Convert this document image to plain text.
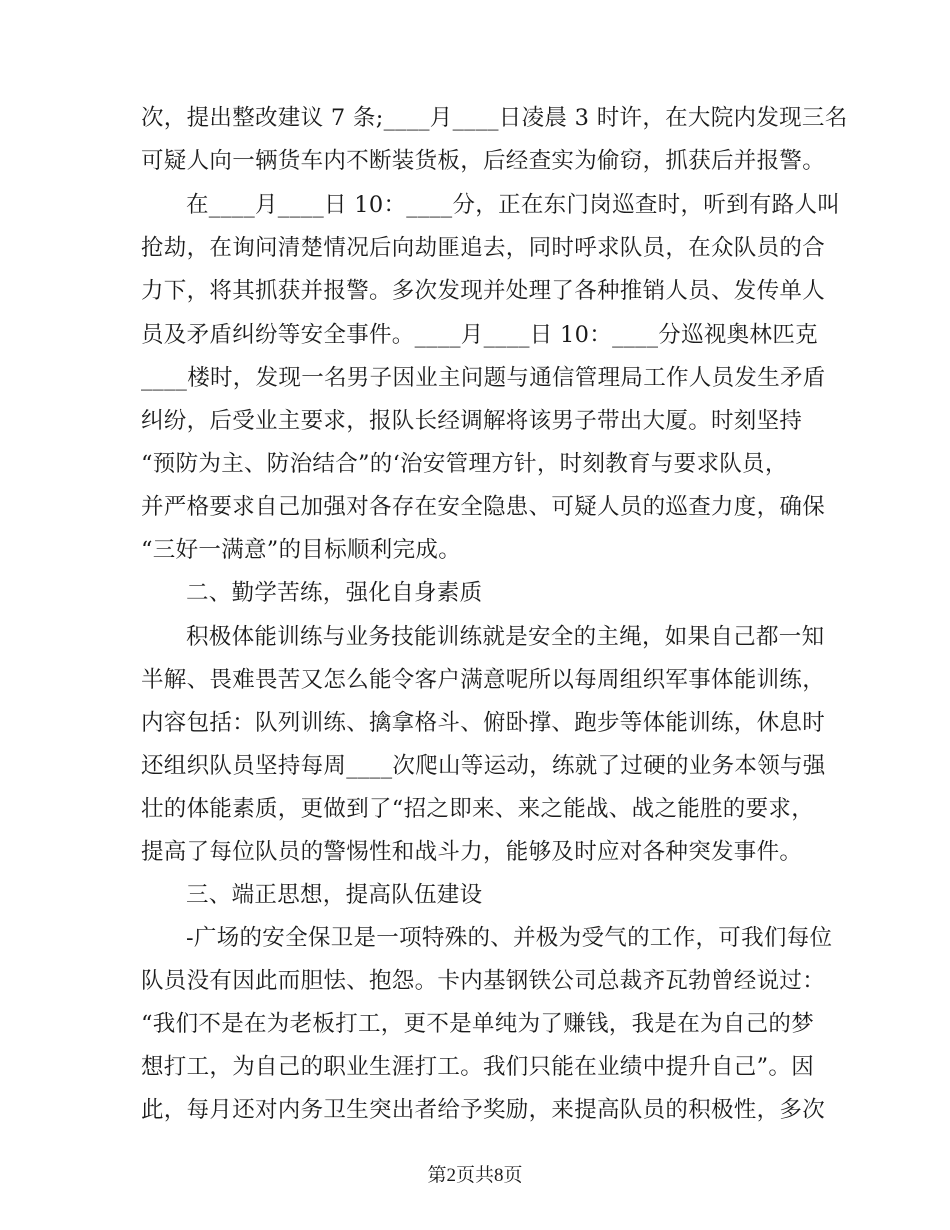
次，提出整改建议 7 条;____月____日凌晨 3 时许，在大院内发现三名
可疑人向一辆货车内不断装货板，后经查实为偷窃，抓获后并报警。
在____月____日 10：____分，正在东门岗巡查时，听到有路人叫
抢劫，在询问清楚情况后向劫匪追去，同时呼求队员，在众队员的合
力下，将其抓获并报警。多次发现并处理了各种推销人员、发传单人
员及矛盾纠纷等安全事件。____月____日 10：____分巡视奥林匹克
____楼时，发现一名男子因业主问题与通信管理局工作人员发生矛盾
纠纷，后受业主要求，报队长经调解将该男子带出大厦。时刻坚持
“预防为主、防治结合”的‘治安管理方针，时刻教育与要求队员，
并严格要求自己加强对各存在安全隐患、可疑人员的巡查力度，确保
“三好一满意”的目标顺利完成。
二、勤学苦练，强化自身素质
积极体能训练与业务技能训练就是安全的主绳，如果自己都一知
半解、畏难畏苦又怎么能令客户满意呢所以每周组织军事体能训练，
内容包括：队列训练、擒拿格斗、俯卧撑、跑步等体能训练，休息时
还组织队员坚持每周____次爬山等运动，练就了过硬的业务本领与强
壮的体能素质，更做到了“招之即来、来之能战、战之能胜的要求，
提高了每位队员的警惕性和战斗力，能够及时应对各种突发事件。
三、端正思想，提高队伍建设
-广场的安全保卫是一项特殊的、并极为受气的工作，可我们每位
队员没有因此而胆怯、抱怨。卡内基钢铁公司总裁齐瓦勃曾经说过：
“我们不是在为老板打工，更不是单纯为了赚钱，我是在为自己的梦
想打工，为自己的职业生涯打工。我们只能在业绩中提升自己”。因
此，每月还对内务卫生突出者给予奖励，来提高队员的积极性，多次
第2页共8页
